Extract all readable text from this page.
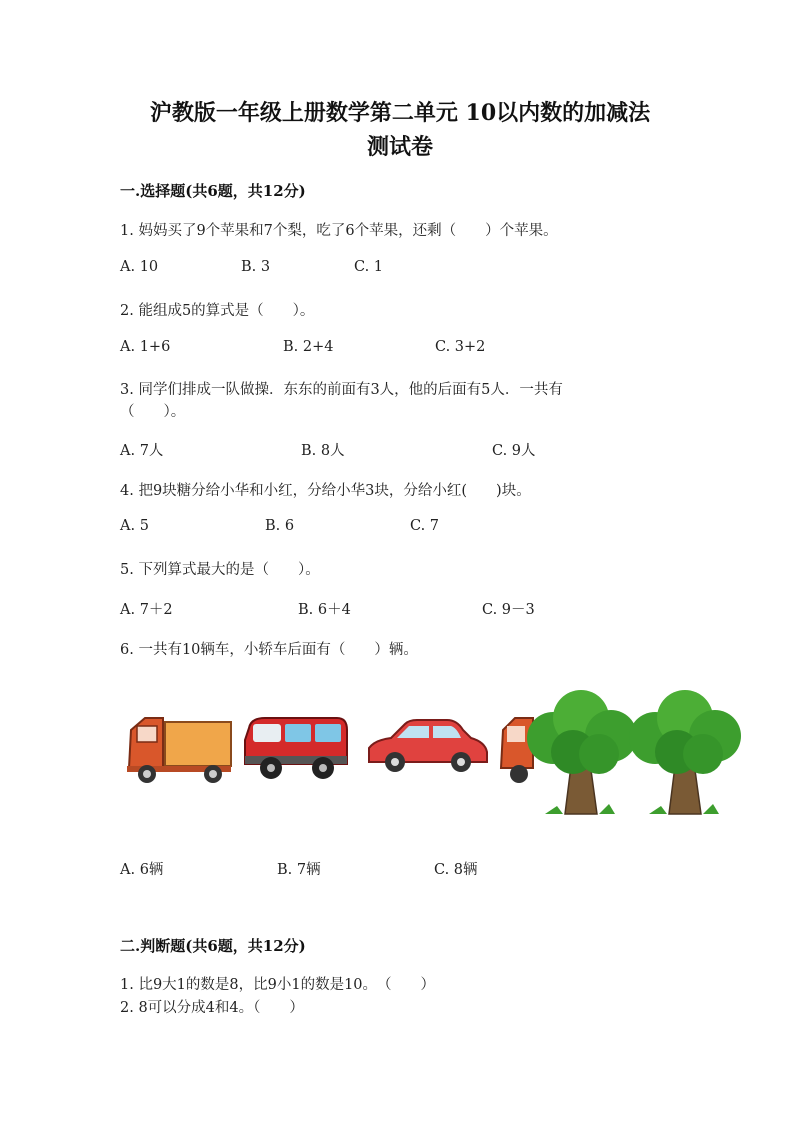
沪教版一年级上册数学第二单元 10以内数的加减法
测试卷
一.选择题(共6题，共12分)
1. 妈妈买了9个苹果和7个梨，吃了6个苹果，还剩（　　）个苹果。
A. 10	B. 3	C. 1
2. 能组成5的算式是（　　）。
A. 1+6	B. 2+4	C. 3+2
3. 同学们排成一队做操．东东的前面有3人，他的后面有5人．一共有
（　　）。
A. 7人	B. 8人	C. 9人
4. 把9块糖分给小华和小红，分给小华3块，分给小红(　　)块。
A. 5	B. 6	C. 7
5. 下列算式最大的是（　　）。
A. 7＋2	B. 6＋4	C. 9－3
6. 一共有10辆车，小轿车后面有（　　）辆。
A. 6辆	B. 7辆	C. 8辆
二.判断题(共6题，共12分)
1. 比9大1的数是8，比9小1的数是10。　（　　）
2. 8可以分成4和4。（　　）
